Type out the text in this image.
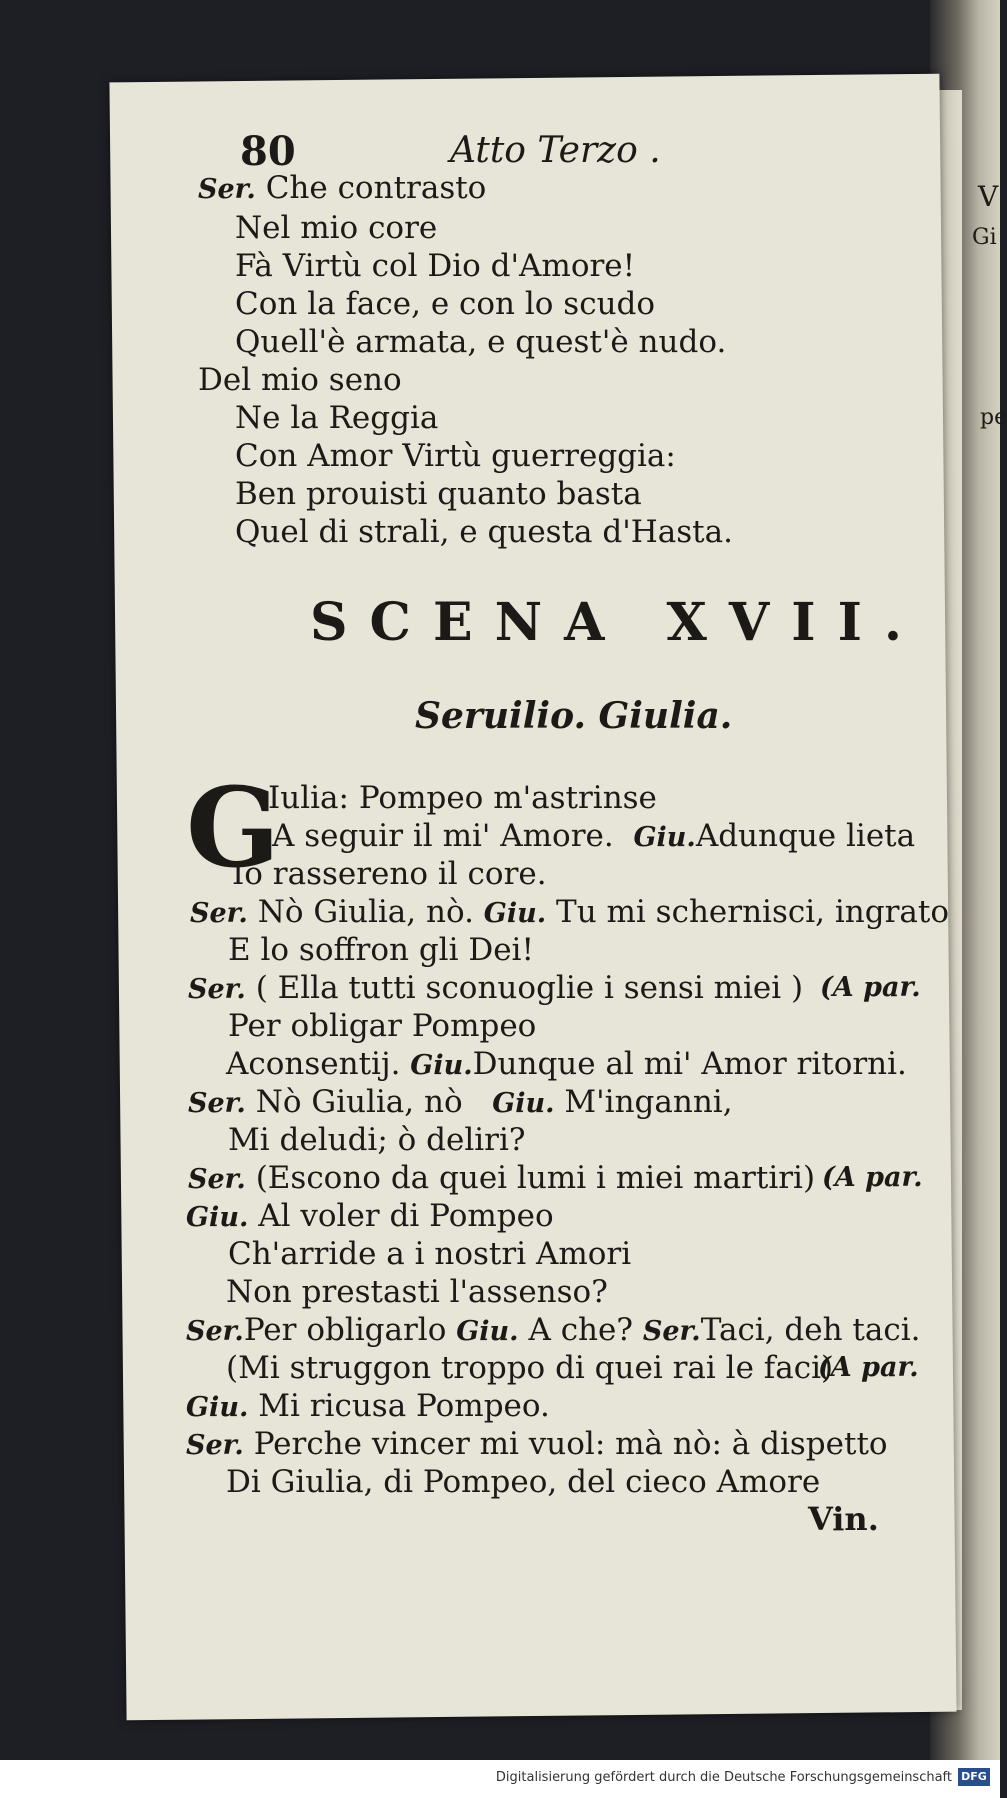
V
Gi
pe
80	Atto Terzo .
Ser. Che contrasto
Nel mio core
Fà Virtù col Dio d'Amore!
Con la face, e con lo scudo
Quell'è armata, e quest'è nudo.
Del mio seno
Ne la Reggia
Con Amor Virtù guerreggia:
Ben prouisti quanto basta
Quel di strali, e questa d'Hasta.
SCENA XVII.
Seruilio. Giulia.
G
Iulia: Pompeo m'astrinse
A seguir il mi' Amore. Giu.Adunque lieta
Io rassereno il core.
Ser. Nò Giulia, nò. Giu. Tu mi schernisci, ingrato
E lo soffron gli Dei!
Ser. ( Ella tutti sconuoglie i sensi miei ) (A par.
Per obligar Pompeo
Aconsentij. Giu.Dunque al mi' Amor ritorni.
Ser. Nò Giulia, nò Giu. M'inganni,
Mi deludi; ò deliri?
Ser. (Escono da quei lumi i miei martiri) (A par.
Giu. Al voler di Pompeo
Ch'arride a i nostri Amori
Non prestasti l'assenso?
Ser.Per obligarlo Giu. A che? Ser.Taci, deh taci.
(Mi struggon troppo di quei rai le faci)
(A par.
Giu. Mi ricusa Pompeo.
Ser. Perche vincer mi vuol: mà nò: à dispetto
Di Giulia, di Pompeo, del cieco Amore
Vin.
Digitalisierung gefördert durch die Deutsche Forschungsgemeinschaft DFG
